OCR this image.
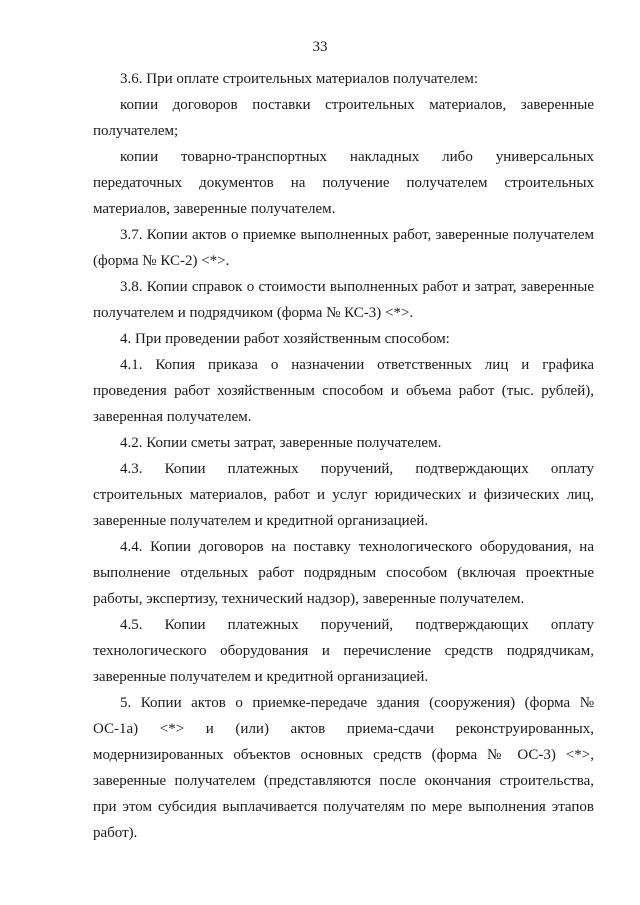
33

3.6. При оплате строительных материалов получателем:

копии договоров поставки строительных материалов, заверенные получателем;

копии товарно-транспортных накладных либо универсальных передаточных документов на получение получателем строительных материалов, заверенные получателем.

3.7. Копии актов о приемке выполненных работ, заверенные получателем (форма № КС-2) <*>.

3.8. Копии справок о стоимости выполненных работ и затрат, заверенные получателем и подрядчиком (форма № КС-3) <*>.

4. При проведении работ хозяйственным способом:

4.1. Копия приказа о назначении ответственных лиц и графика проведения работ хозяйственным способом и объема работ (тыс. рублей), заверенная получателем.

4.2. Копии сметы затрат, заверенные получателем.

4.3. Копии платежных поручений, подтверждающих оплату строительных материалов, работ и услуг юридических и физических лиц, заверенные получателем и кредитной организацией.

4.4. Копии договоров на поставку технологического оборудования, на выполнение отдельных работ подрядным способом (включая проектные работы, экспертизу, технический надзор), заверенные получателем.

4.5. Копии платежных поручений, подтверждающих оплату технологического оборудования и перечисление средств подрядчикам, заверенные получателем и кредитной организацией.

5. Копии актов о приемке-передаче здания (сооружения) (форма № ОС-1а) <*> и (или) актов приема-сдачи реконструированных, модернизированных объектов основных средств (форма № ОС-3) <*>, заверенные получателем (представляются после окончания строительства, при этом субсидия выплачивается получателям по мере выполнения этапов работ).
